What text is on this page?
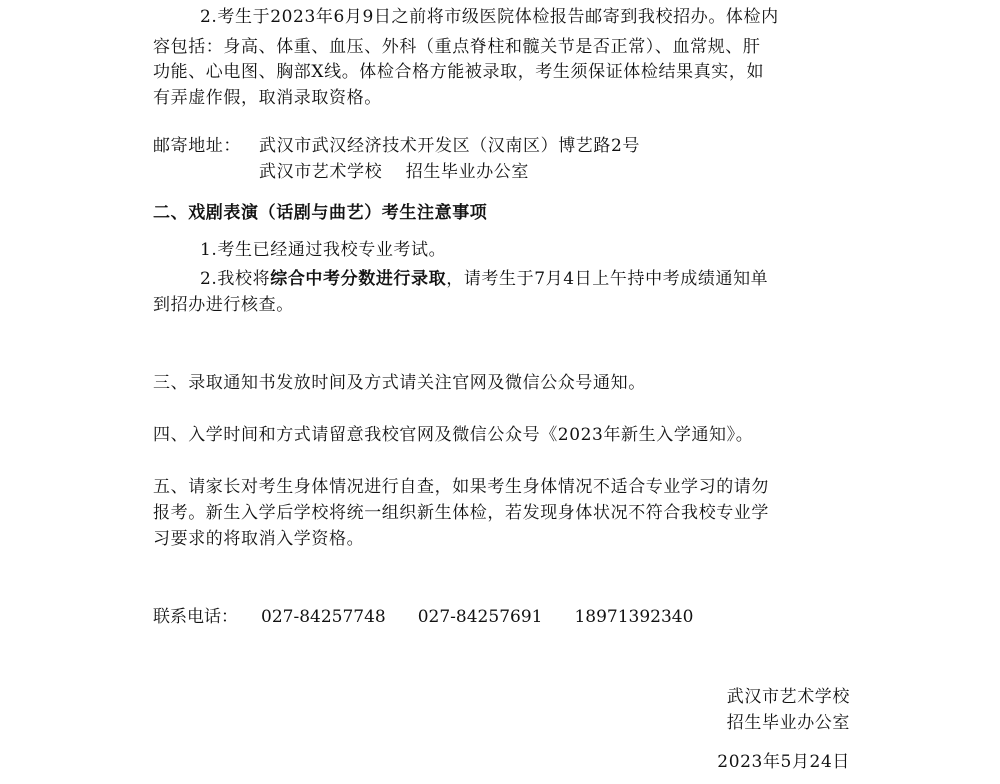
2.考生于2023年6月9日之前将市级医院体检报告邮寄到我校招办。体检内
容包括：身高、体重、血压、外科（重点脊柱和髋关节是否正常）、血常规、肝
功能、心电图、胸部X线。体检合格方能被录取，考生须保证体检结果真实，如
有弄虚作假，取消录取资格。
邮寄地址： 武汉市武汉经济技术开发区（汉南区）博艺路2号
武汉市艺术学校　 招生毕业办公室
二、戏剧表演（话剧与曲艺）考生注意事项
1.考生已经通过我校专业考试。
2.我校将综合中考分数进行录取，请考生于7月4日上午持中考成绩通知单
到招办进行核查。
三、录取通知书发放时间及方式请关注官网及微信公众号通知。
四、入学时间和方式请留意我校官网及微信公众号《2023年新生入学通知》。
五、请家长对考生身体情况进行自查，如果考生身体情况不适合专业学习的请勿
报考。新生入学后学校将统一组织新生体检，若发现身体状况不符合我校专业学
习要求的将取消入学资格。
联系电话： 027-84257748 027-84257691 18971392340
武汉市艺术学校
招生毕业办公室
2023年5月24日
